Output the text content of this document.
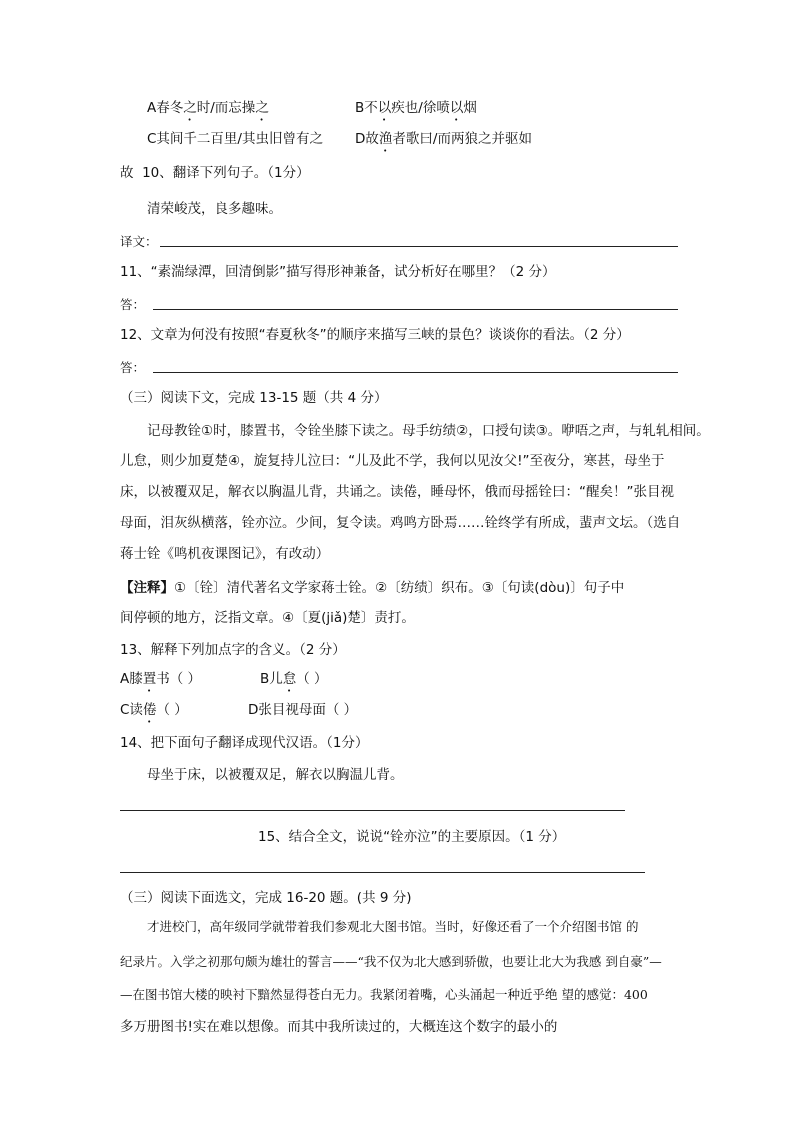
A春冬之时/而忘操之	B不以疾也/徐喷以烟
C其间千二百里/其虫旧曾有之 D故渔者歌曰/而两狼之并驱如
故 10、翻译下列句子。（1分）
清荣峻茂，良多趣味。
译文：
11、“素湍绿潭，回清倒影”描写得形神兼备，试分析好在哪里？（2 分）
答：
12、文章为何没有按照“春夏秋冬”的顺序来描写三峡的景色？谈谈你的看法。（2 分）
答：
（三）阅读下文，完成 13-15 题（共 4 分）
记母教铨①时，膝置书，令铨坐膝下读之。母手纺绩②，口授句读③。咿唔之声，与轧轧相间。
儿怠，则少加夏楚④，旋复持儿泣曰：“儿及此不学，我何以见汝父!”至夜分，寒甚，母坐于
床，以被覆双足，解衣以胸温儿背，共诵之。读倦，睡母怀，俄而母摇铨曰：“醒矣！”张目视
母面，泪灰纵横落，铨亦泣。少间，复令读。鸡鸣方卧焉……铨终学有所成，蜚声文坛。（选自
蒋士铨《鸣机夜课图记》，有改动）
【注释】①〔铨〕清代著名文学家蒋士铨。②〔纺绩〕织布。③〔句读(dòu)〕句子中
间停顿的地方，泛指文章。④〔夏(jiǎ)楚〕责打。
13、解释下列加点字的含义。（2 分）
A膝置书（ ）	B儿怠（ ）
C读倦（ ）	D张目视母面（ ）
14、把下面句子翻译成现代汉语。（1分）
母坐于床，以被覆双足，解衣以胸温儿背。
15、结合全文，说说“铨亦泣”的主要原因。（1 分）
（三）阅读下面选文，完成 16-20 题。(共 9 分)
才进校门，高年级同学就带着我们参观北大图书馆。当时，好像还看了一个介绍图书馆 的
纪录片。入学之初那句颇为雄壮的誓言——“我不仅为北大感到骄傲，也要让北大为我感 到自豪”—
—在图书馆大楼的映衬下黯然显得苍白无力。我紧闭着嘴，心头涌起一种近乎绝 望的感觉：400
多万册图书!实在难以想像。而其中我所读过的，大概连这个数字的最小的
